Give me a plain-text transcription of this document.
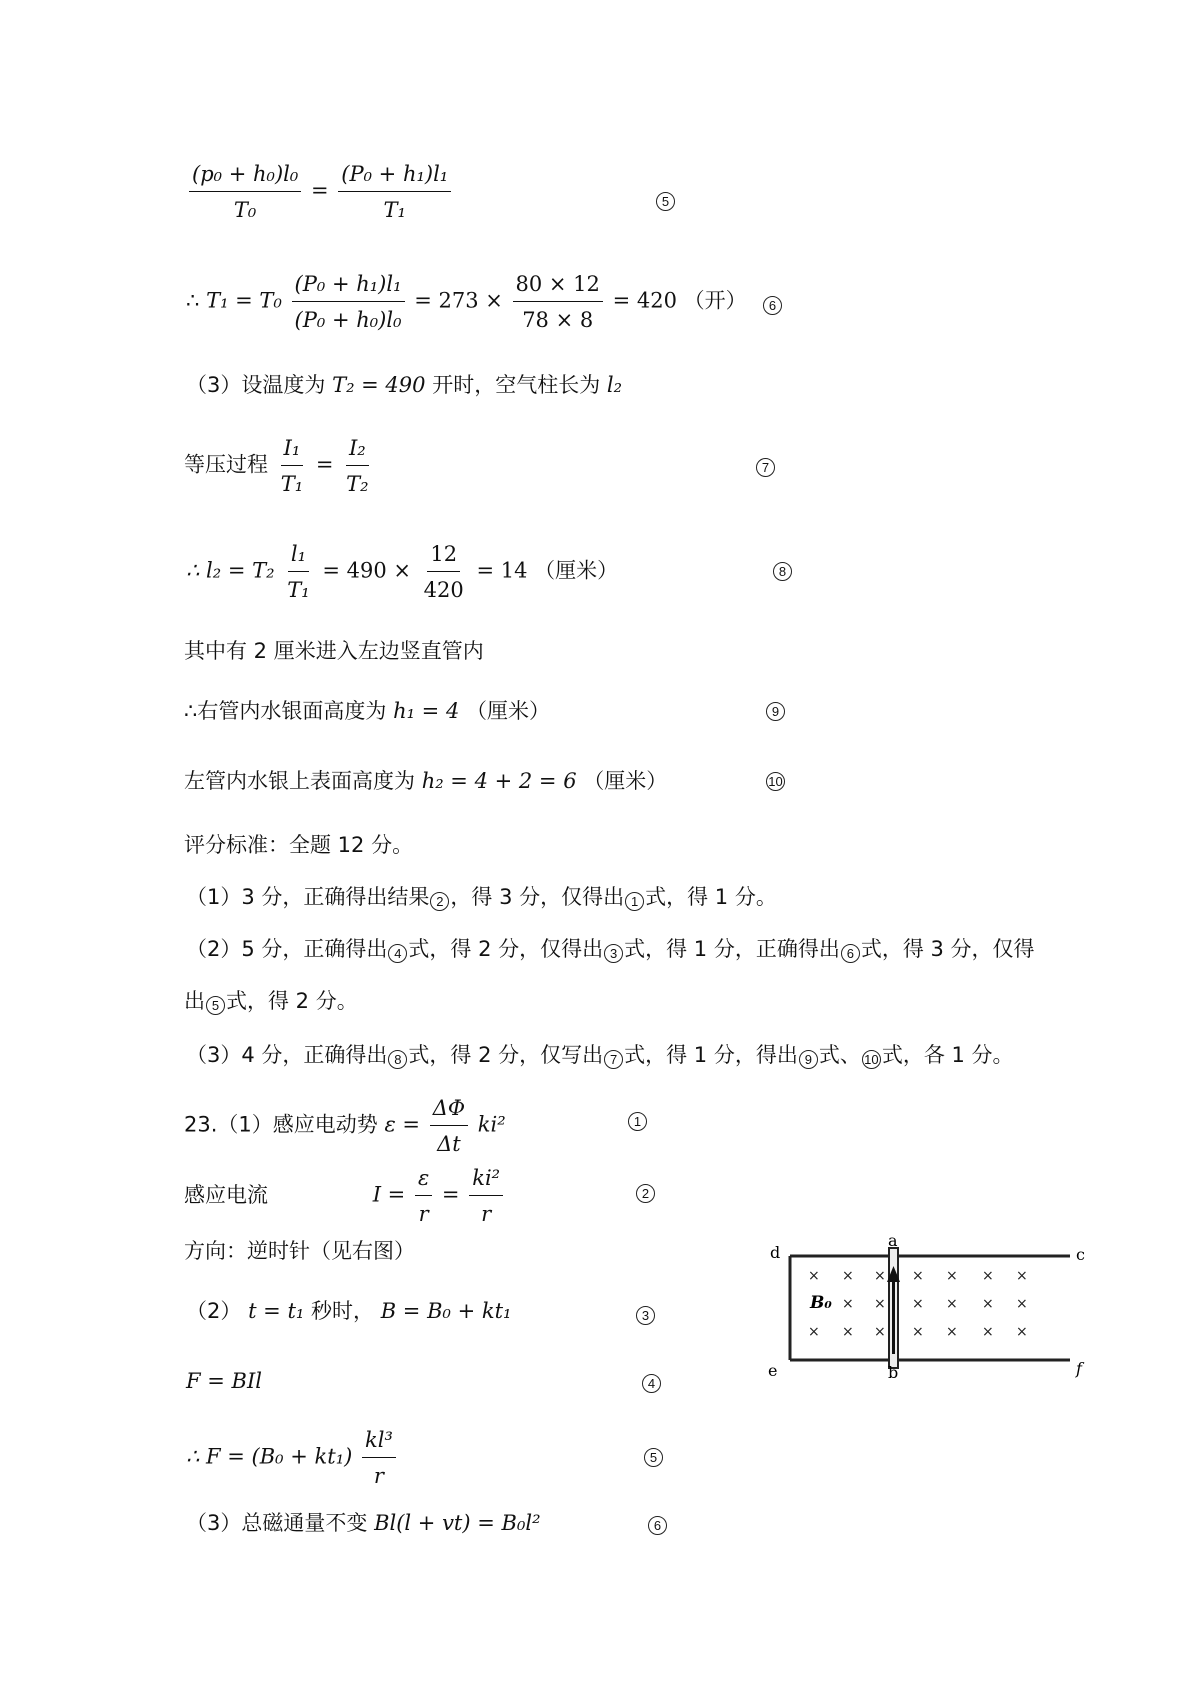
$\frac{\text{(p₀ + h₀)l₀}}{\text{T₀}} = \frac{\text{(P₀ + h₁)l₁}}{\text{T₁}}$	5
∴ $T_1 = T_0 \frac{\text{(P₀ + h₁)l₁}}{\text{(P₀ + h₀)l₀}} = 273 \times \frac{80 \times 12}{78 \times 8} = 420$ （开）	6
（3）设温度为 T₂ = 490 开时，空气柱长为 l₂
等压过程 $\frac{\text{I₁}}{\text{T₁}} = \frac{\text{I₂}}{\text{T₂}}$	7
∴ $l_2 = T_2 \frac{\text{l₁}}{\text{T₁}} = 490 \times \frac{12}{420} = 14$ （厘米）	8
其中有 2 厘米进入左边竖直管内
∴右管内水银面高度为 h₁ = 4 （厘米）	9
左管内水银上表面高度为 h₂ = 4 + 2 = 6 （厘米）	10
评分标准：全题 12 分。
（1）3 分，正确得出结果 2 ，得 3 分，仅得出 1 式，得 1 分。
（2）5 分，正确得出 4 式，得 2 分，仅得出 3 式，得 1 分，正确得出 6 式，得 3 分，仅得
出 5 式，得 2 分。
（3）4 分，正确得出 8 式，得 2 分，仅写出 7 式，得 1 分，得出 9 式、 10 式，各 1 分。
23.（1）感应电动势 $\varepsilon = \frac{\Delta\Phi}{\Delta t} ki^2$	1
感应电流	$I = \frac{\varepsilon}{r} = \frac{\text{ki²}}{r}$	2
方向：逆时针（见右图）
（2） t = t₁ 秒时， B = B₀ + kt₁	3
F = BIl	4
∴ $F = (B_0 + kt_1) \frac{\text{kl³}}{r}$	5
（3）总磁通量不变 Bl(l + vt) = B₀l²	6
× × × × × × ×
× × × × × ×
× × × × × × ×
d
a
c
e	b	f
B₀
